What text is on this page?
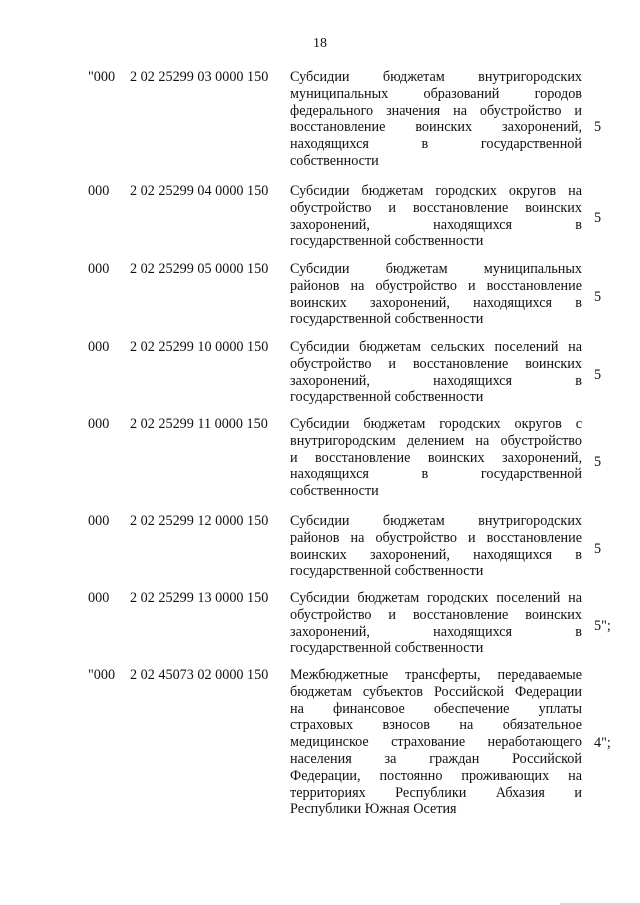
18
"000	2 02 25299 03 0000 150 Субсидии бюджетам внутригородских
муниципальных образований городов
федерального значения на обустройство и
восстановление воинских захоронений,
находящихся в государственной
собственности
5
000	2 02 25299 04 0000 150 Субсидии бюджетам городских округов на
обустройство и восстановление воинских
захоронений, находящихся в
государственной собственности
5
000	2 02 25299 05 0000 150 Субсидии бюджетам муниципальных
районов на обустройство и восстановление
воинских захоронений, находящихся в
государственной собственности
5
000	2 02 25299 10 0000 150 Субсидии бюджетам сельских поселений на
обустройство и восстановление воинских
захоронений, находящихся в
государственной собственности
5
000	2 02 25299 11 0000 150 Субсидии бюджетам городских округов с
внутригородским делением на обустройство
и восстановление воинских захоронений,
находящихся в государственной
собственности
5
000	2 02 25299 12 0000 150 Субсидии бюджетам внутригородских
районов на обустройство и восстановление
воинских захоронений, находящихся в
государственной собственности
5
000	2 02 25299 13 0000 150 Субсидии бюджетам городских поселений на
обустройство и восстановление воинских
захоронений, находящихся в
государственной собственности
5";
"000	2 02 45073 02 0000 150 Межбюджетные трансферты, передаваемые
бюджетам субъектов Российской Федерации
на финансовое обеспечение уплаты
страховых взносов на обязательное
медицинское страхование неработающего
населения за граждан Российской
Федерации, постоянно проживающих на
территориях Республики Абхазия и
Республики Южная Осетия
4";
